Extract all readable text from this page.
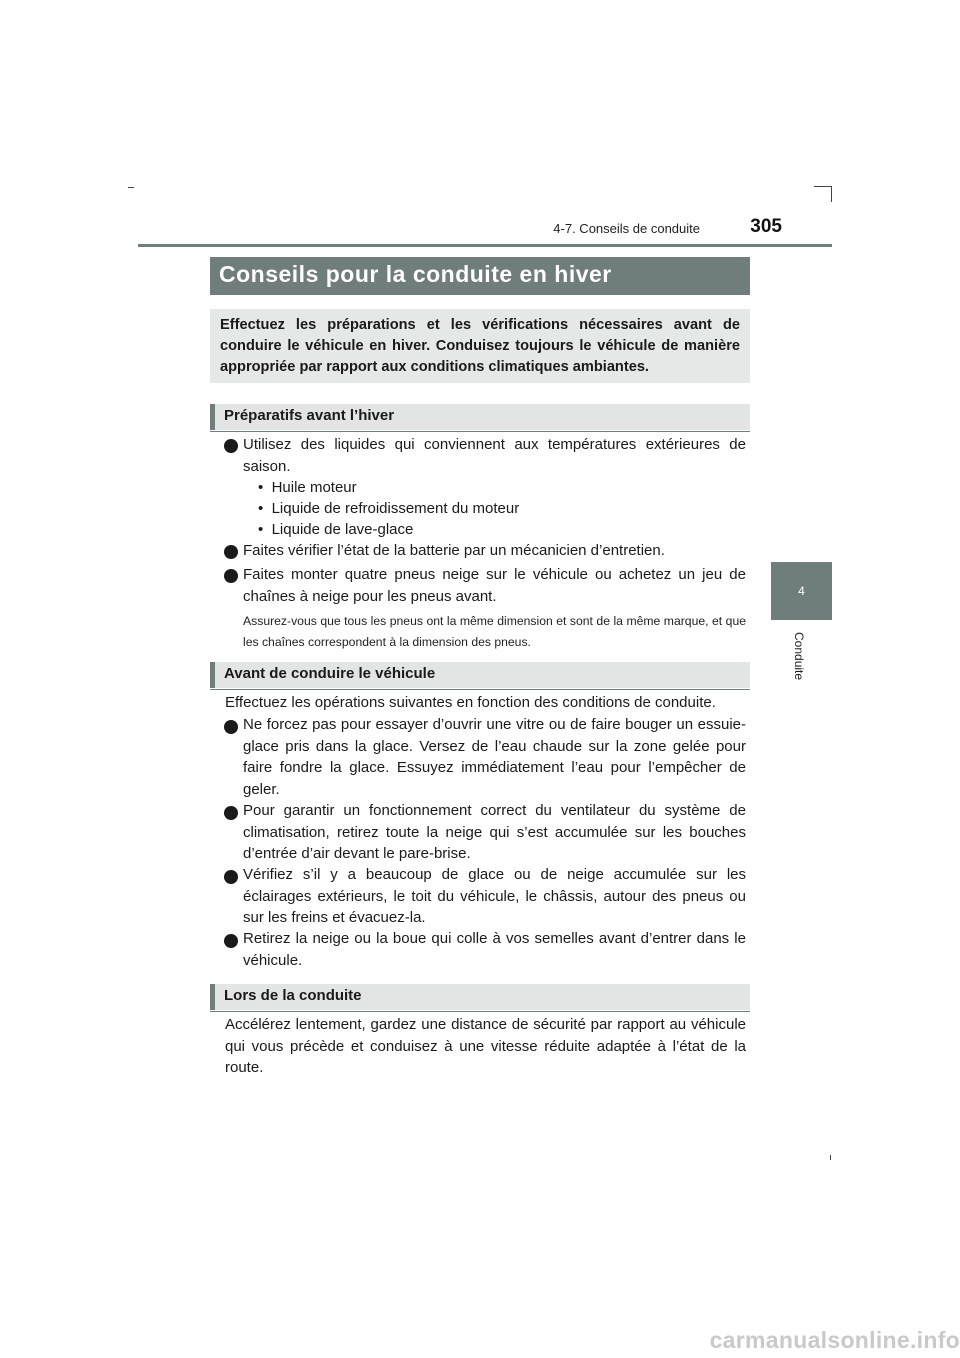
4-7. Conseils de conduite	305
4
Conduite
Conseils pour la conduite en hiver
Effectuez les préparations et les vérifications nécessaires avant de conduire le véhicule en hiver. Conduisez toujours le véhicule de manière appropriée par rapport aux conditions climatiques ambiantes.
Préparatifs avant l’hiver
Utilisez des liquides qui conviennent aux températures extérieures de saison.
•  Huile moteur
•  Liquide de refroidissement du moteur
•  Liquide de lave-glace
Faites vérifier l’état de la batterie par un mécanicien d’entretien.
Faites monter quatre pneus neige sur le véhicule ou achetez un jeu de chaînes à neige pour les pneus avant.
Assurez-vous que tous les pneus ont la même dimension et sont de la même marque, et que les chaînes correspondent à la dimension des pneus.
Avant de conduire le véhicule
Effectuez les opérations suivantes en fonction des conditions de conduite.
Ne forcez pas pour essayer d’ouvrir une vitre ou de faire bouger un essuie-glace pris dans la glace. Versez de l’eau chaude sur la zone gelée pour faire fondre la glace. Essuyez immédiatement l’eau pour l’empêcher de geler.
Pour garantir un fonctionnement correct du ventilateur du système de climatisation, retirez toute la neige qui s’est accumulée sur les bouches d’entrée d’air devant le pare-brise.
Vérifiez s’il y a beaucoup de glace ou de neige accumulée sur les éclairages extérieurs, le toit du véhicule, le châssis, autour des pneus ou sur les freins et évacuez-la.
Retirez la neige ou la boue qui colle à vos semelles avant d’entrer dans le véhicule.
Lors de la conduite
Accélérez lentement, gardez une distance de sécurité par rapport au véhicule qui vous précède et conduisez à une vitesse réduite adaptée à l’état de la route.
carmanualsonline.info
